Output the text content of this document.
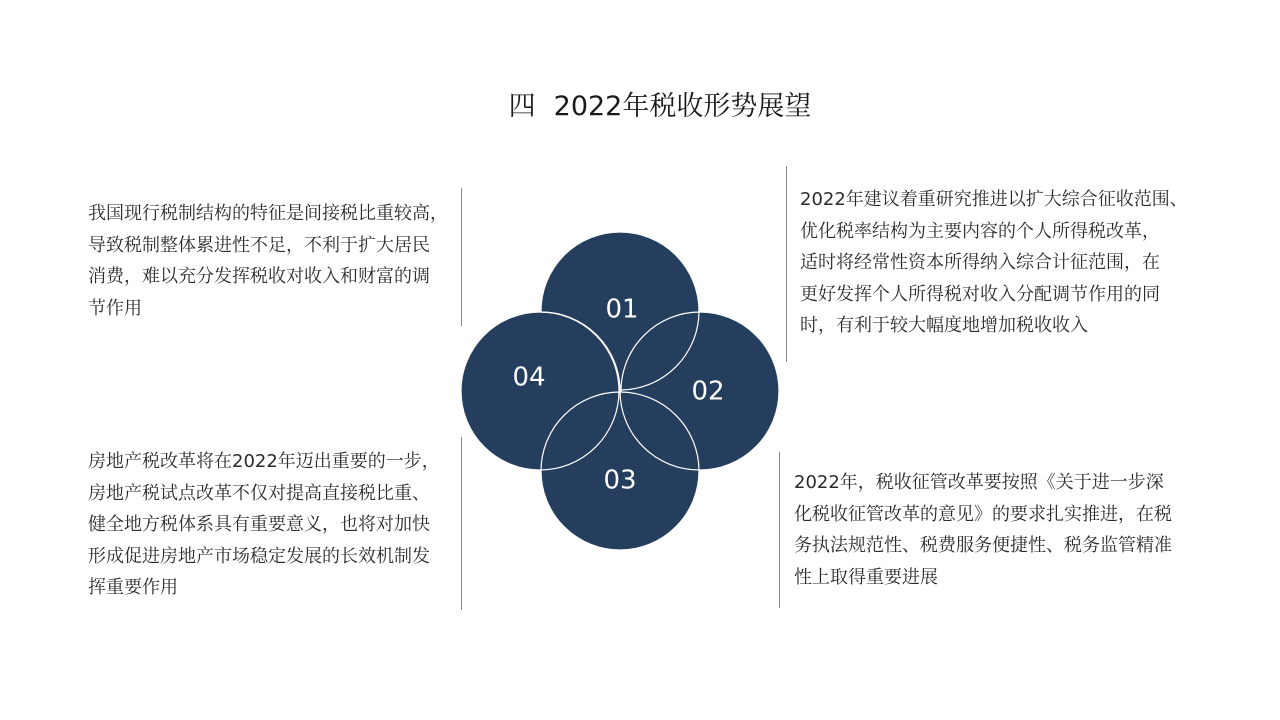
四 2022年税收形势展望
我国现行税制结构的特征是间接税比重较高，
导致税制整体累进性不足，不利于扩大居民
消费，难以充分发挥税收对收入和财富的调
节作用
2022年建议着重研究推进以扩大综合征收范围、
优化税率结构为主要内容的个人所得税改革，
适时将经常性资本所得纳入综合计征范围，在
更好发挥个人所得税对收入分配调节作用的同
时，有利于较大幅度地增加税收收入
房地产税改革将在2022年迈出重要的一步，
房地产税试点改革不仅对提高直接税比重、
健全地方税体系具有重要意义，也将对加快
形成促进房地产市场稳定发展的长效机制发
挥重要作用
2022年，税收征管改革要按照《关于进一步深
化税收征管改革的意见》的要求扎实推进，在税
务执法规范性、税费服务便捷性、税务监管精准
性上取得重要进展
01
02
03
04
